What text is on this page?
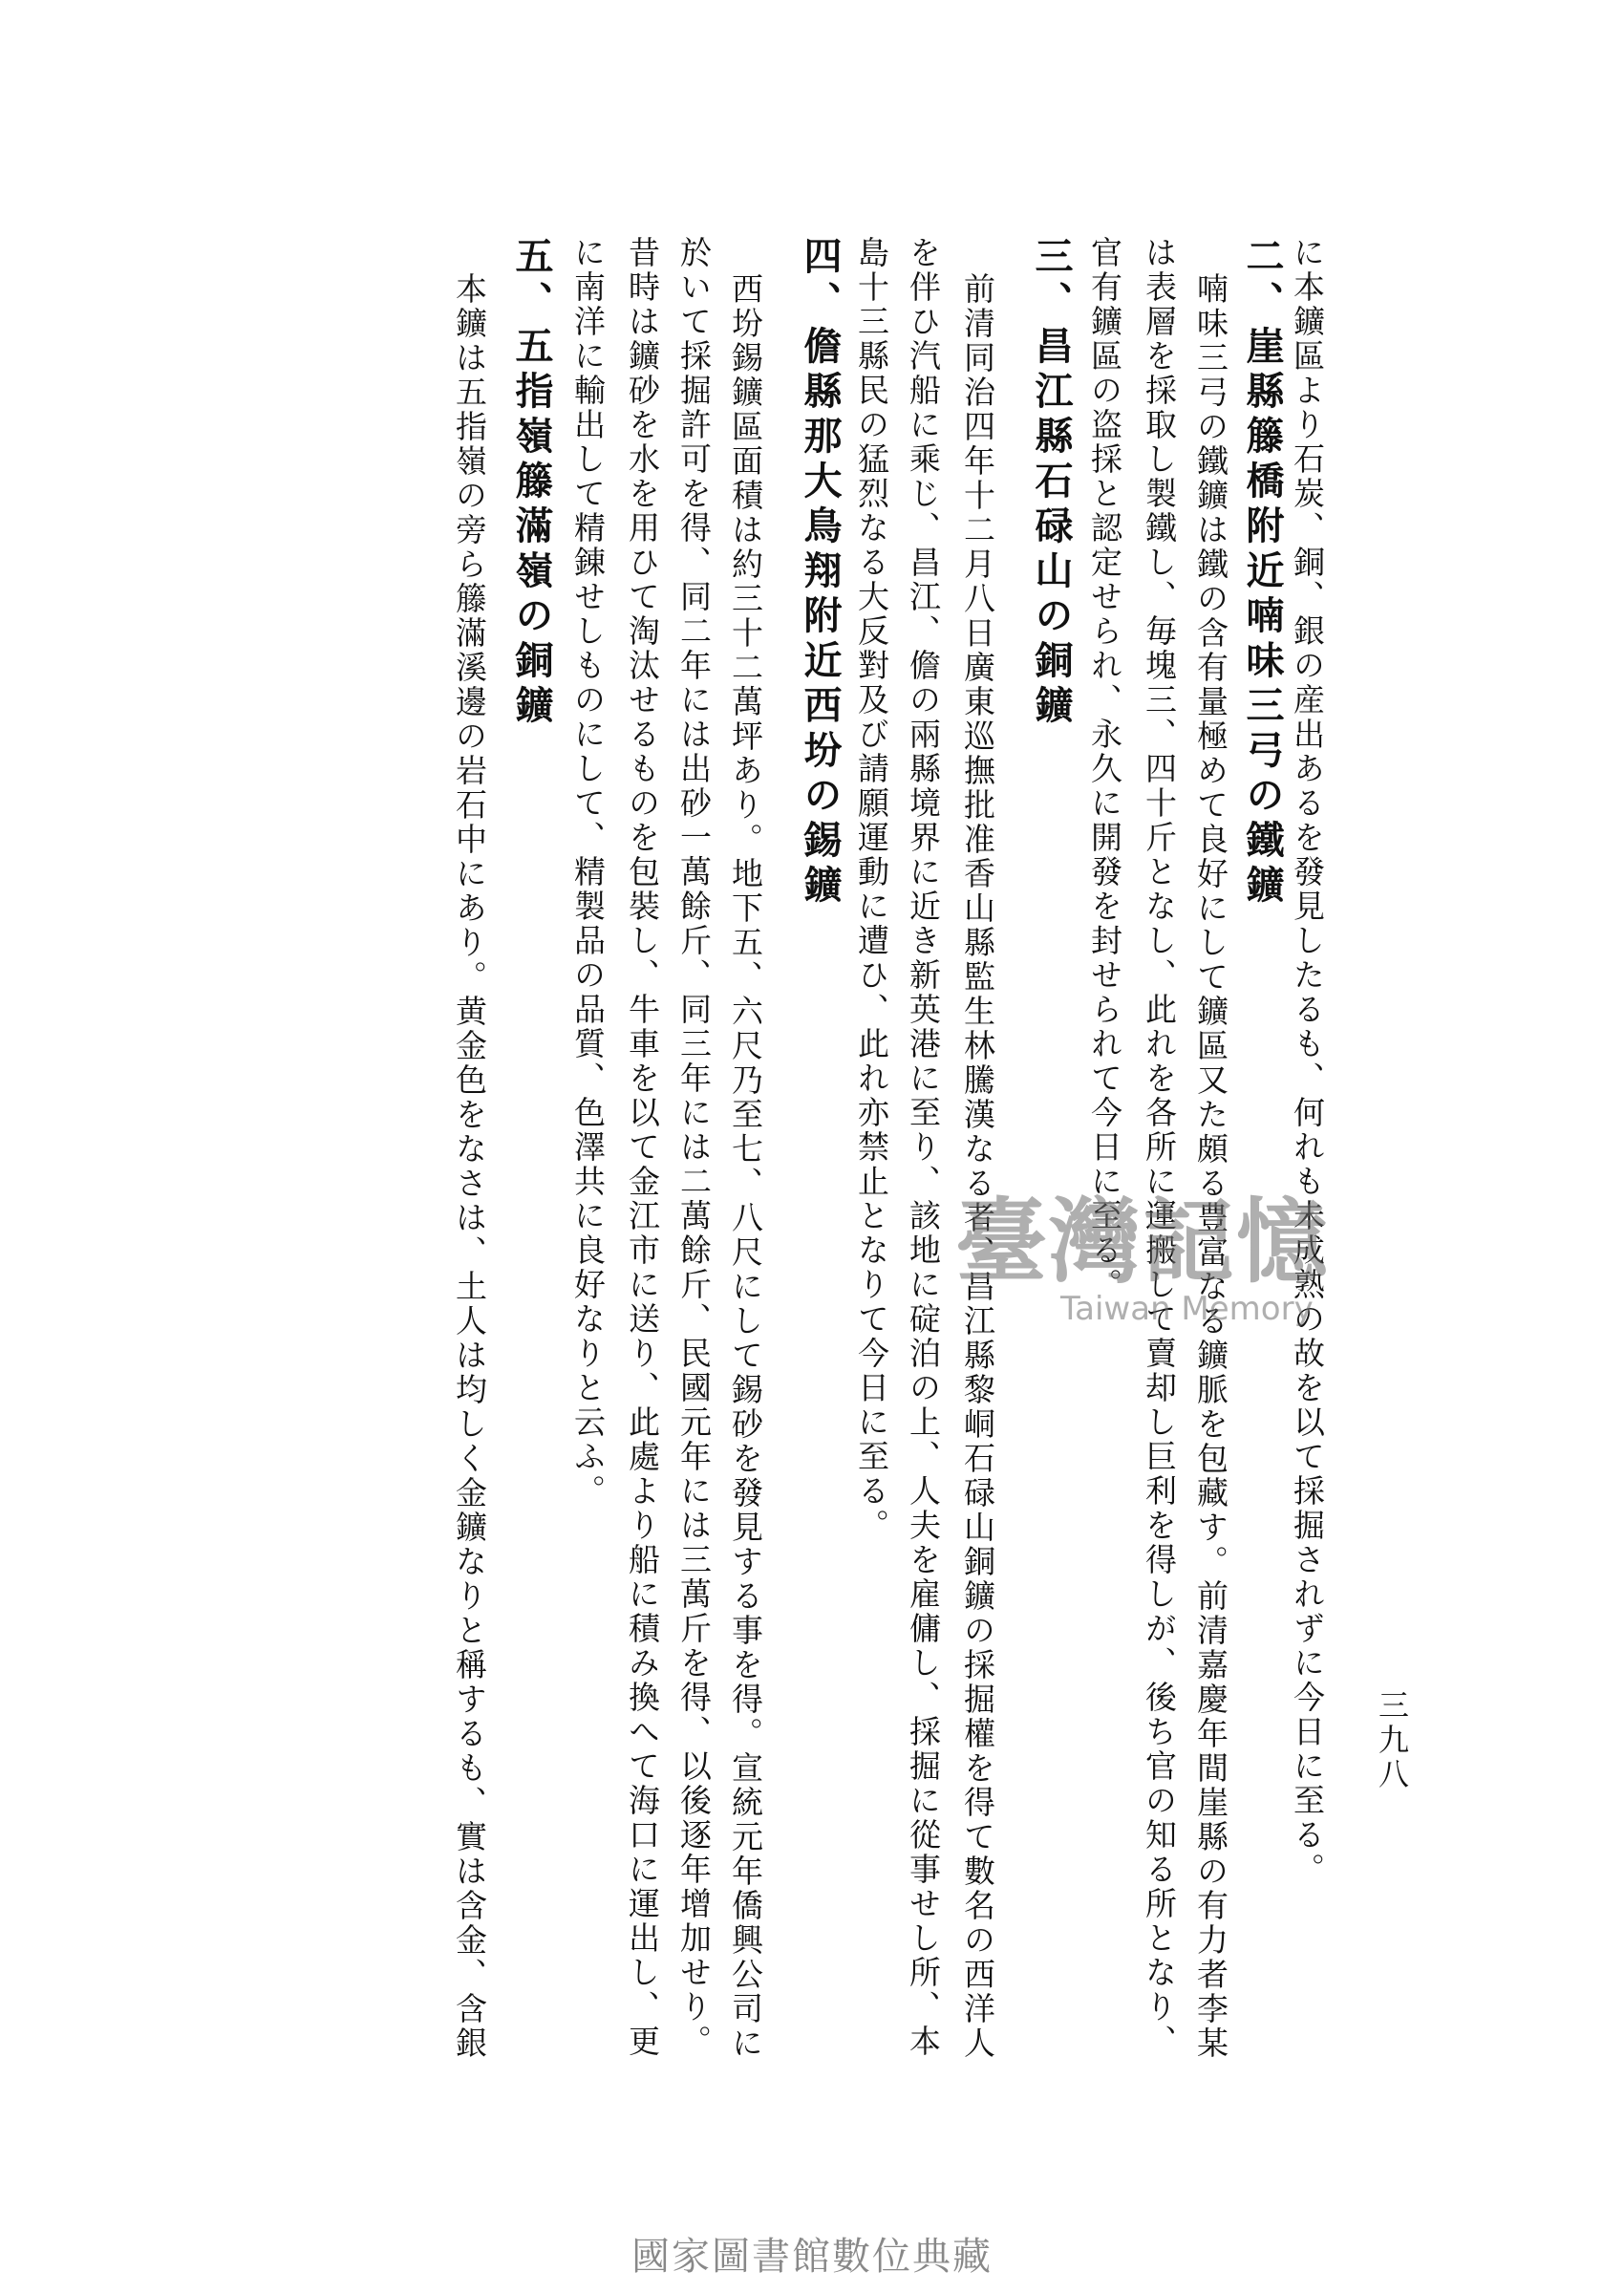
三九八
に本鑛區より石炭、銅、銀の産出あるを發見したるも、何れも未成熟の故を以て採掘されずに今日に至る。
二、崖縣籐橋附近喃味三弓の鐵鑛
喃味三弓の鐵鑛は鐵の含有量極めて良好にして鑛區又た頗る豊富なる鑛脈を包藏す。前清嘉慶年間崖縣の有力者李某
は表層を採取し製鐵し、毎塊三、四十斤となし、此れを各所に運搬して賣却し巨利を得しが、後ち官の知る所となり、
官有鑛區の盗採と認定せられ、永久に開發を封せられて今日に至る。
三、昌江縣石碌山の銅鑛
前清同治四年十二月八日廣東巡撫批准香山縣監生林騰漢なる者、昌江縣黎峒石碌山銅鑛の採掘權を得て數名の西洋人
を伴ひ汽船に乘じ、昌江、儋の兩縣境界に近き新英港に至り、該地に碇泊の上、人夫を雇傭し、採掘に從事せし所、本
島十三縣民の猛烈なる大反對及び請願運動に遭ひ、此れ亦禁止となりて今日に至る。
四、儋縣那大鳥翔附近西坋の錫鑛
西坋錫鑛區面積は約三十二萬坪あり。地下五、六尺乃至七、八尺にして錫砂を發見する事を得。宣統元年僑興公司に
於いて採掘許可を得、同二年には出砂一萬餘斤、同三年には二萬餘斤、民國元年には三萬斤を得、以後逐年增加せり。
昔時は鑛砂を水を用ひて淘汰せるものを包裝し、牛車を以て金江市に送り、此處より船に積み換へて海口に運出し、更
に南洋に輸出して精錬せしものにして、精製品の品質、色澤共に良好なりと云ふ。
五、五指嶺籐滿嶺の銅鑛
本鑛は五指嶺の旁ら籐滿溪邊の岩石中にあり。黄金色をなさは、土人は均しく金鑛なりと稱するも、實は含金、含銀	臺灣記憶
Taiwan Memory
國家圖書館數位典藏
